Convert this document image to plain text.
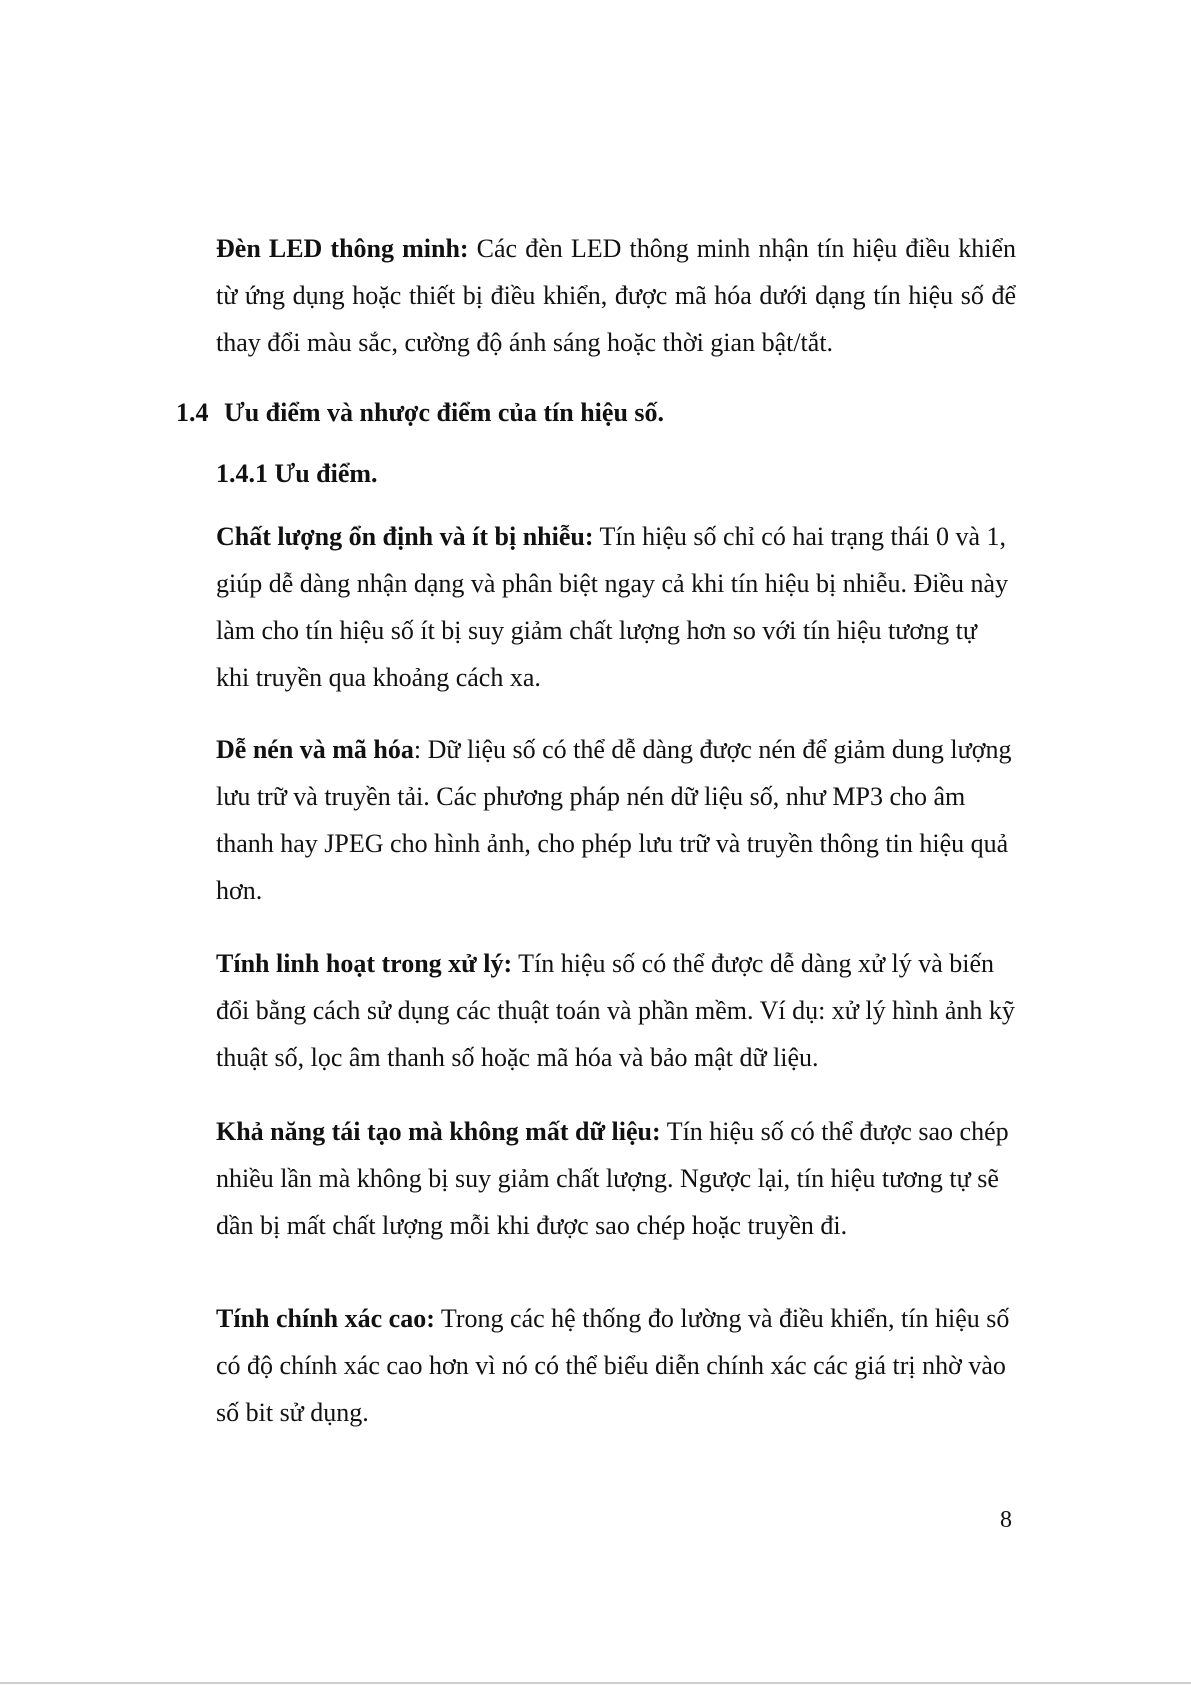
Đèn LED thông minh: Các đèn LED thông minh nhận tín hiệu điều khiển từ ứng dụng hoặc thiết bị điều khiển, được mã hóa dưới dạng tín hiệu số để thay đổi màu sắc, cường độ ánh sáng hoặc thời gian bật/tắt.

1.4 Ưu điểm và nhược điểm của tín hiệu số.
1.4.1 Ưu điểm.

Chất lượng ổn định và ít bị nhiễu: Tín hiệu số chỉ có hai trạng thái 0 và 1, giúp dễ dàng nhận dạng và phân biệt ngay cả khi tín hiệu bị nhiễu. Điều này làm cho tín hiệu số ít bị suy giảm chất lượng hơn so với tín hiệu tương tự khi truyền qua khoảng cách xa.

Dễ nén và mã hóa: Dữ liệu số có thể dễ dàng được nén để giảm dung lượng lưu trữ và truyền tải. Các phương pháp nén dữ liệu số, như MP3 cho âm thanh hay JPEG cho hình ảnh, cho phép lưu trữ và truyền thông tin hiệu quả hơn.

Tính linh hoạt trong xử lý: Tín hiệu số có thể được dễ dàng xử lý và biến đổi bằng cách sử dụng các thuật toán và phần mềm. Ví dụ: xử lý hình ảnh kỹ thuật số, lọc âm thanh số hoặc mã hóa và bảo mật dữ liệu.

Khả năng tái tạo mà không mất dữ liệu: Tín hiệu số có thể được sao chép nhiều lần mà không bị suy giảm chất lượng. Ngược lại, tín hiệu tương tự sẽ dần bị mất chất lượng mỗi khi được sao chép hoặc truyền đi.

Tính chính xác cao: Trong các hệ thống đo lường và điều khiển, tín hiệu số có độ chính xác cao hơn vì nó có thể biểu diễn chính xác các giá trị nhờ vào số bit sử dụng.

8
